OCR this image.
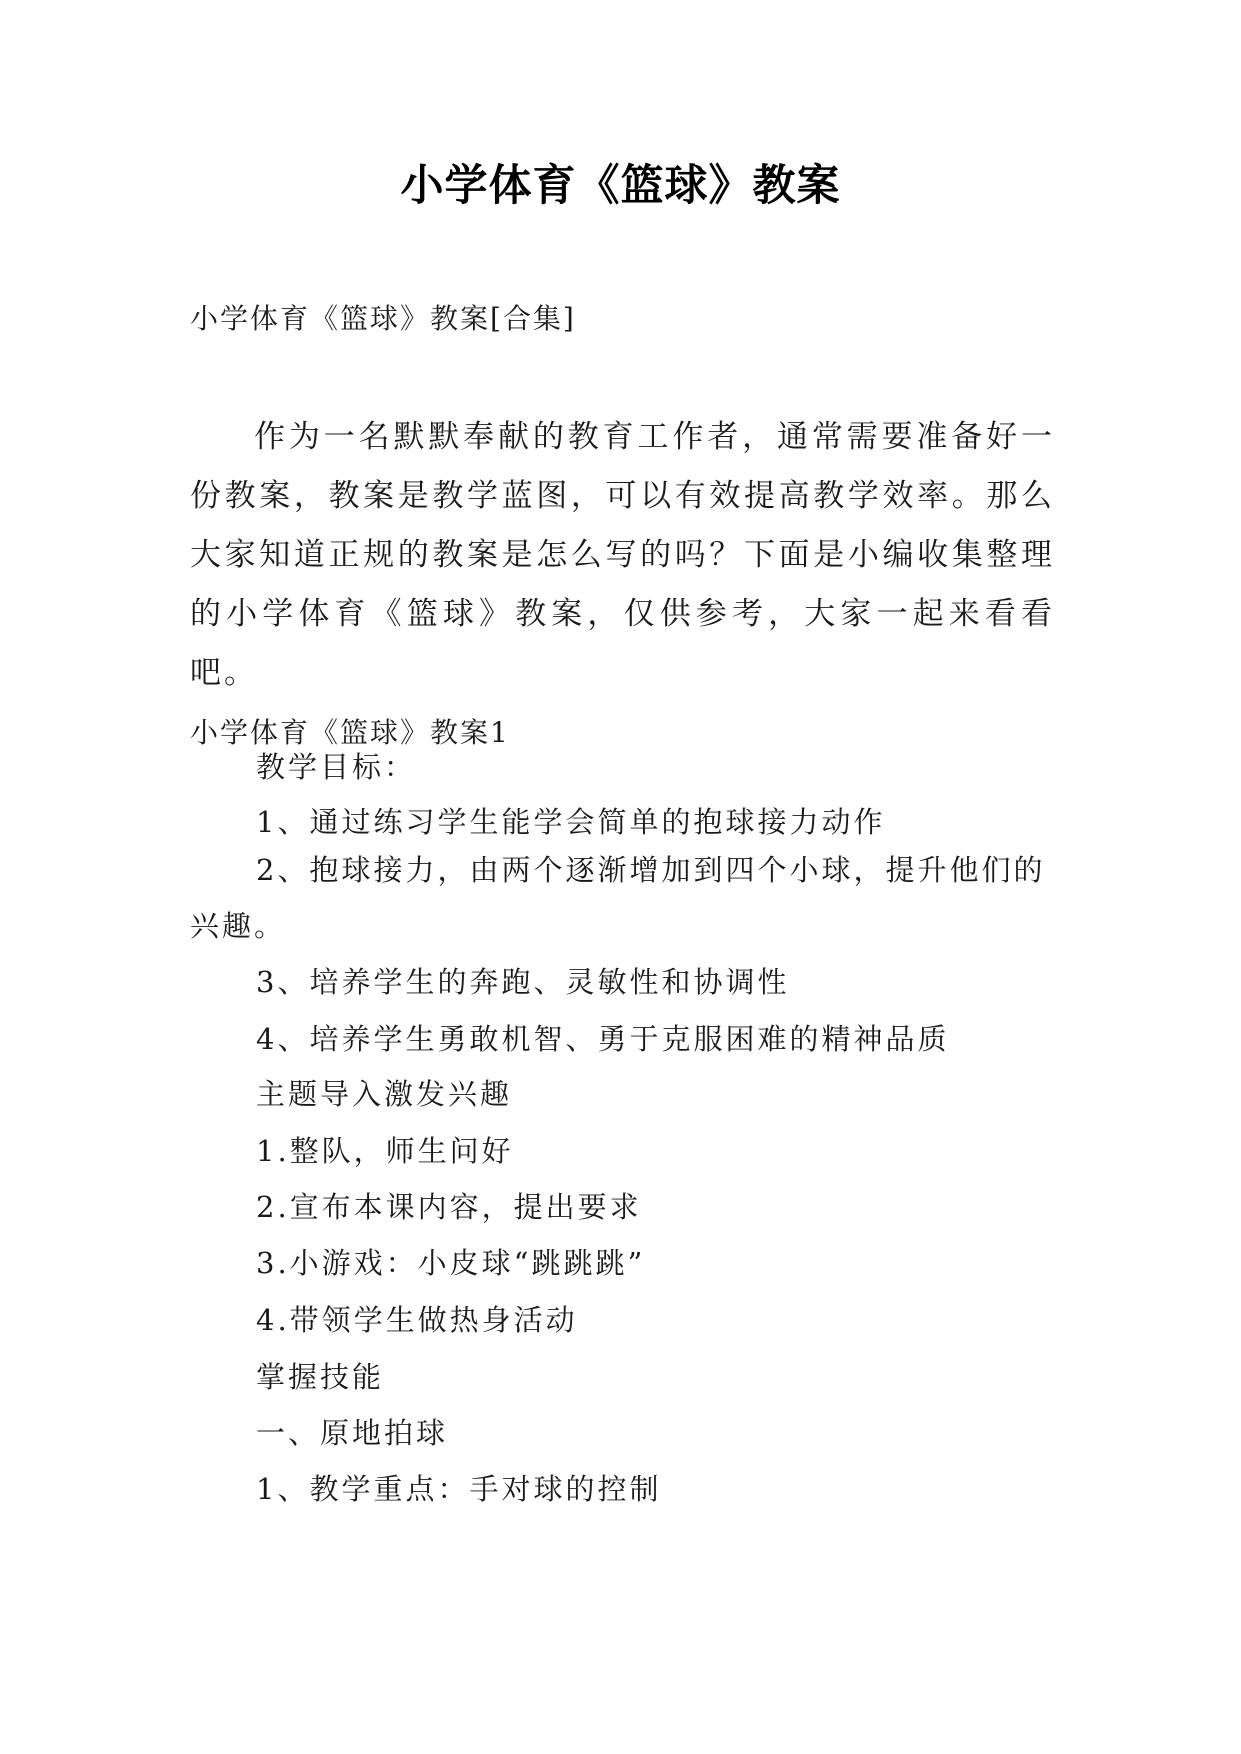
小学体育《篮球》教案
小学体育《篮球》教案[合集]
作为一名默默奉献的教育工作者，通常需要准备好一份教案，教案是教学蓝图，可以有效提高教学效率。那么大家知道正规的教案是怎么写的吗？下面是小编收集整理的小学体育《篮球》教案，仅供参考，大家一起来看看吧。
小学体育《篮球》教案1
教学目标：
1、通过练习学生能学会简单的抱球接力动作
2、抱球接力，由两个逐渐增加到四个小球，提升他们的兴趣。
3、培养学生的奔跑、灵敏性和协调性
4、培养学生勇敢机智、勇于克服困难的精神品质
主题导入激发兴趣
1.整队，师生问好
2.宣布本课内容，提出要求
3.小游戏：小皮球“跳跳跳”
4.带领学生做热身活动
掌握技能
一、原地拍球
1、教学重点：手对球的控制
